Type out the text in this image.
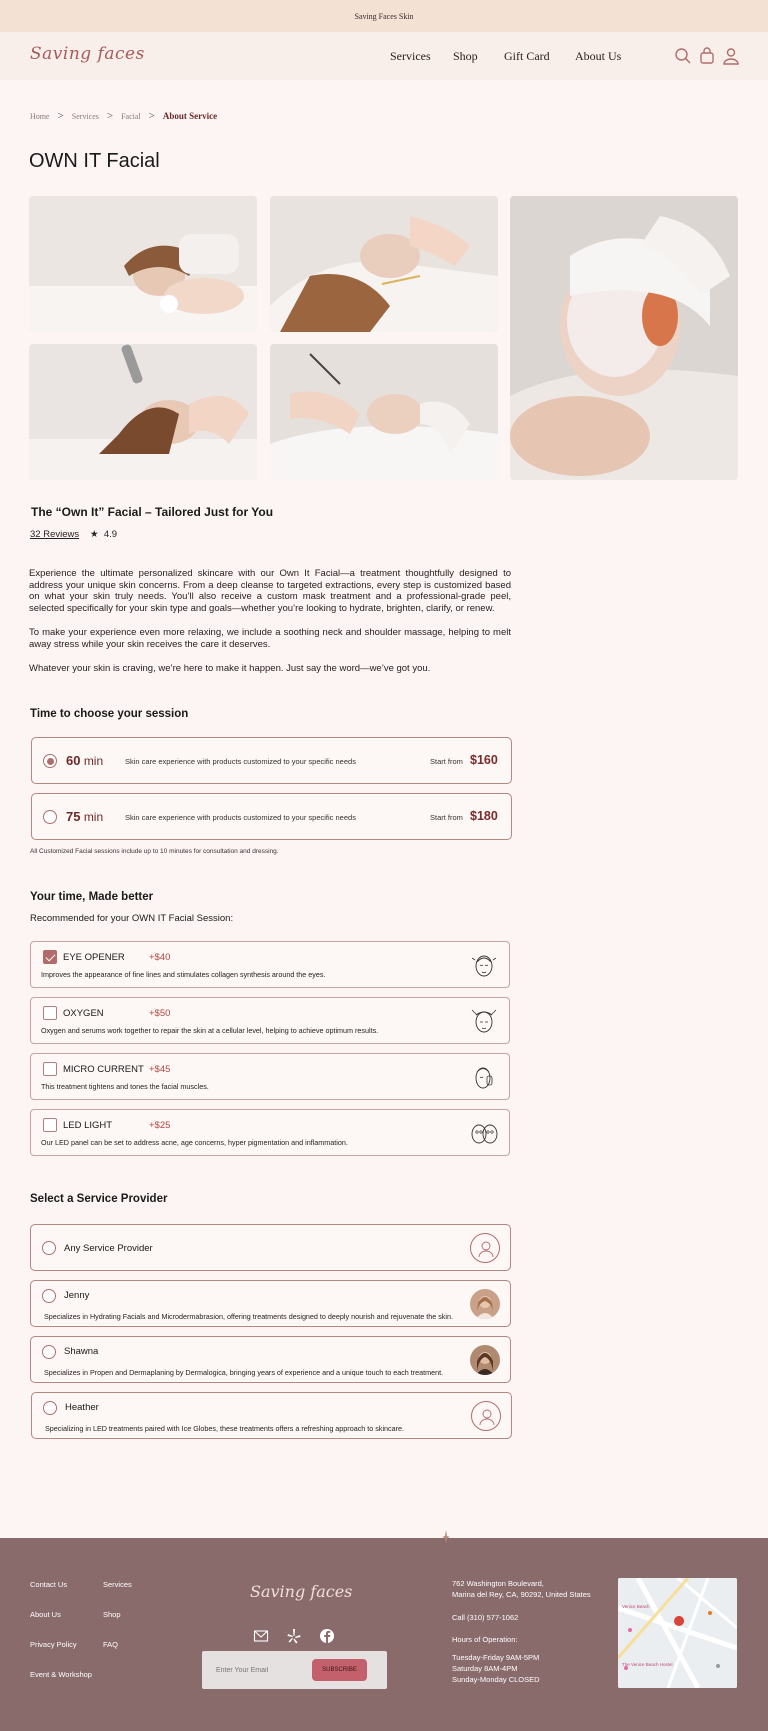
Saving Faces Skin
Saving faces	Services Shop Gift Card About Us
Home > Services > Facial > About Service
OWN IT Facial
The “Own It” Facial – Tailored Just for You
32 Reviews ★ 4.9

Experience the ultimate personalized skincare with our Own It Facial—a treatment thoughtfully designed to address your unique skin concerns. From a deep cleanse to targeted extractions, every step is customized based on what your skin truly needs. You’ll also receive a custom mask treatment and a professional-grade peel, selected specifically for your skin type and goals—whether you’re looking to hydrate, brighten, clarify, or renew.

To make your experience even more relaxing, we include a soothing neck and shoulder massage, helping to melt away stress while your skin receives the care it deserves.

Whatever your skin is craving, we’re here to make it happen. Just say the word—we’ve got you.

Time to choose your session
60 min	Skin care experience with products customized to your specific needs	Start from $160
75 min	Skin care experience with products customized to your specific needs	Start from $180
All Customized Facial sessions include up to 10 minutes for consultation and dressing.
Your time, Made better
Recommended for your OWN IT Facial Session:
EYE OPENER	+$40
Improves the appearance of fine lines and stimulates collagen synthesis around the eyes.
OXYGEN	+$50
Oxygen and serums work together to repair the skin at a cellular level, helping to achieve optimum results.
MICRO CURRENT +$45
This treatment tightens and tones the facial muscles.
LED LIGHT	+$25
Our LED panel can be set to address acne, age concerns, hyper pigmentation and inflammation.
Select a Service Provider
Any Service Provider
Jenny
Specializes in Hydrating Facials and Microdermabrasion, offering treatments designed to deeply nourish and rejuvenate the skin.
Shawna
Specializes in Propen and Dermaplaning by Dermalogica, bringing years of experience and a unique touch to each treatment.
Heather
Specializing in LED treatments paired with Ice Globes, these treatments offers a refreshing approach to skincare.
Contact Us
About Us
Privacy Policy
Event & Workshop
Services
Shop
FAQ
Saving faces
Enter Your Email
SUBSCRIBE
762 Washington Boulevard,
Marina del Rey, CA, 90292, United States
Call (310) 577-1062
Hours of Operation:
Tuesday-Friday 9AM-5PM
Saturday 8AM-4PM
Sunday-Monday CLOSED
Venice Beach
The Venice Beach Hostel
